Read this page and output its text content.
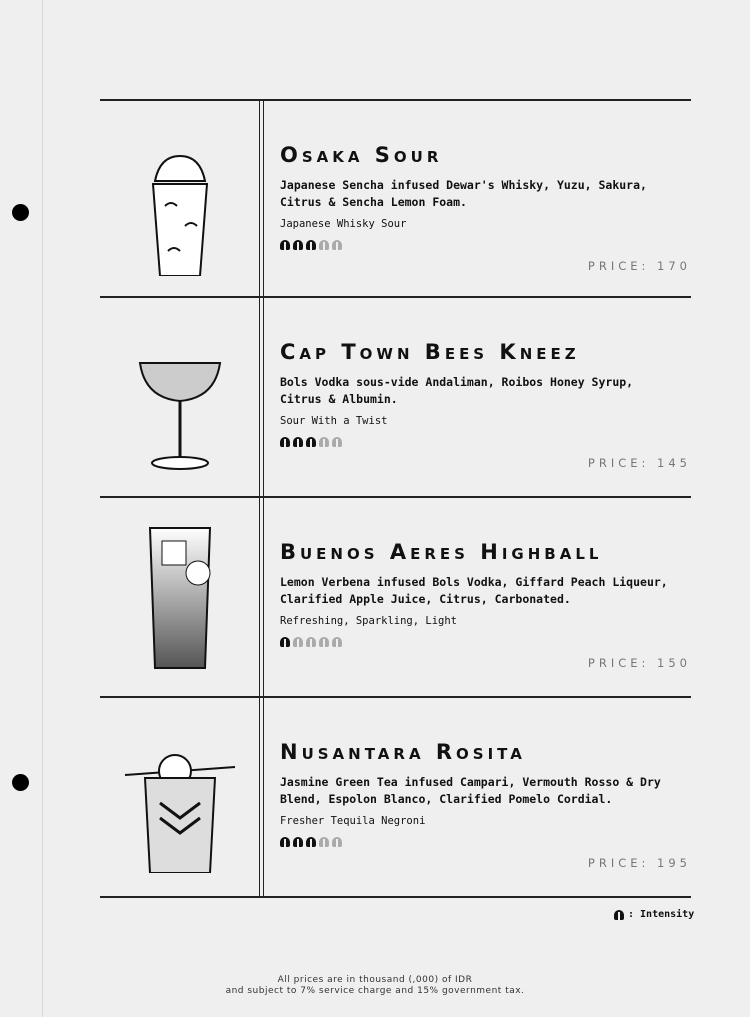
Osaka Sour
Japanese Sencha infused Dewar's Whisky, Yuzu, Sakura, Citrus & Sencha Lemon Foam.
Japanese Whisky Sour
PRICE: 170
Cap Town Bees Kneez
Bols Vodka sous-vide Andaliman, Roibos Honey Syrup, Citrus & Albumin.
Sour With a Twist
PRICE: 145
Buenos Aeres Highball
Lemon Verbena infused Bols Vodka, Giffard Peach Liqueur, Clarified Apple Juice, Citrus, Carbonated.
Refreshing, Sparkling, Light
PRICE: 150
Nusantara Rosita
Jasmine Green Tea infused Campari, Vermouth Rosso & Dry Blend, Espolon Blanco, Clarified Pomelo Cordial.
Fresher Tequila Negroni
PRICE: 195
: Intensity
All prices are in thousand (,000) of IDR
and subject to 7% service charge and 15% government tax.
